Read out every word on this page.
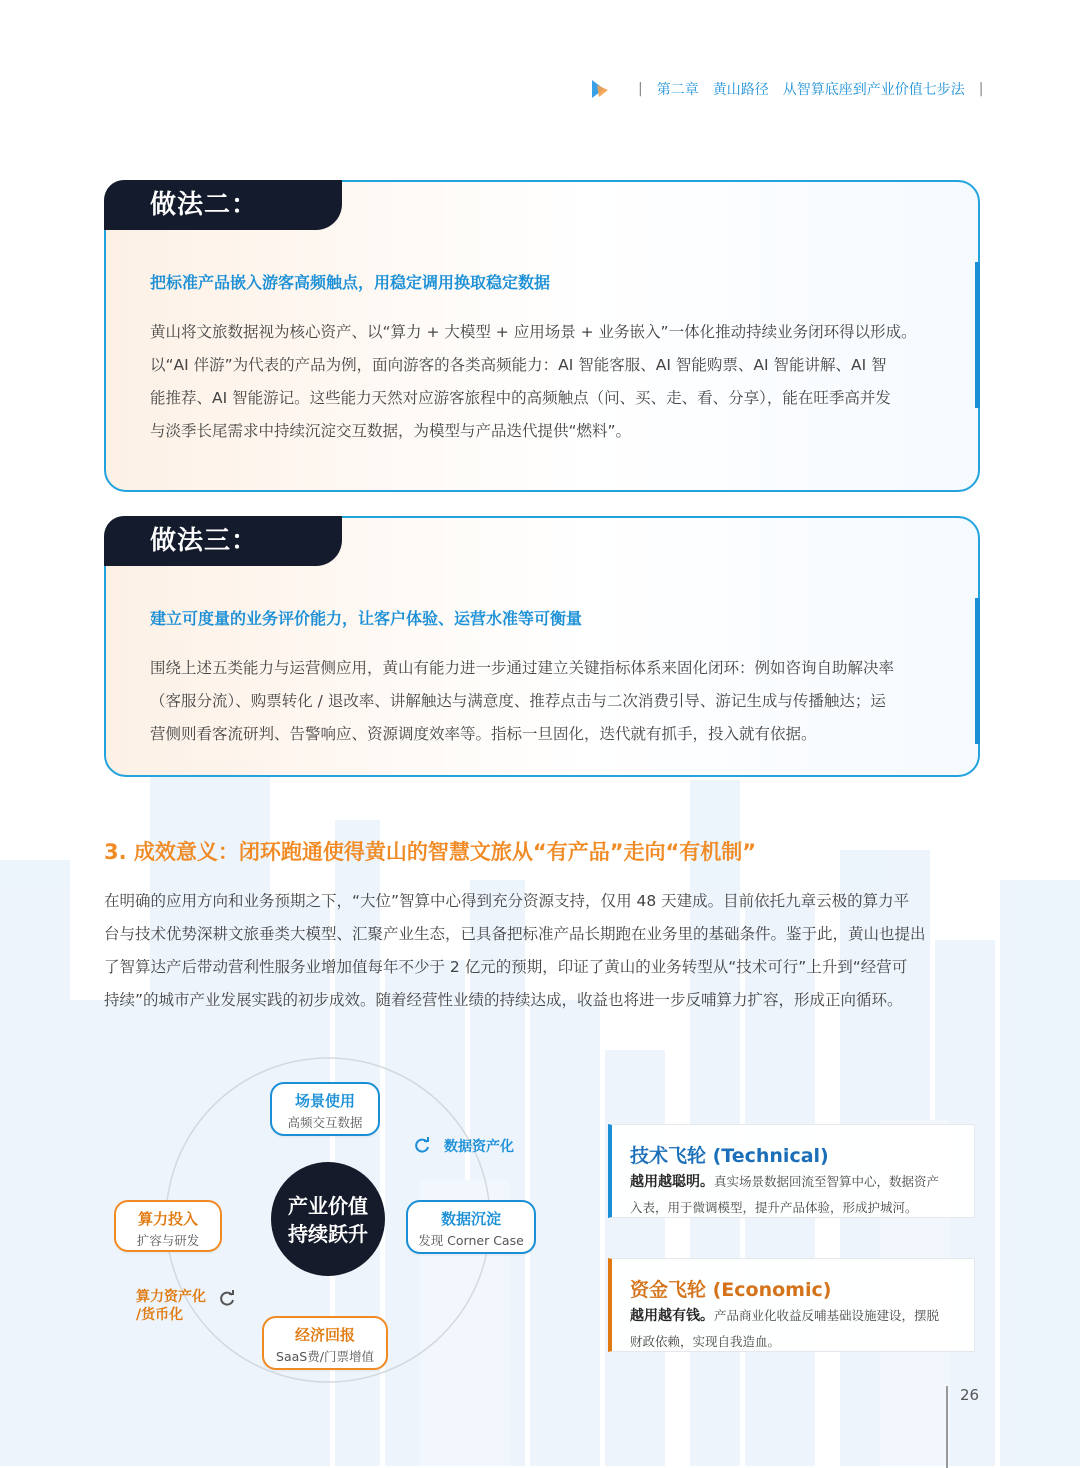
| 第二章 黄山路径 从智算底座到产业价值七步法 |
做法二：
把标准产品嵌入游客高频触点，用稳定调用换取稳定数据
黄山将文旅数据视为核心资产、以“算力 + 大模型 + 应用场景 + 业务嵌入”一体化推动持续业务闭环得以形成。
以“AI 伴游”为代表的产品为例，面向游客的各类高频能力：AI 智能客服、AI 智能购票、AI 智能讲解、AI 智
能推荐、AI 智能游记。这些能力天然对应游客旅程中的高频触点（问、买、走、看、分享），能在旺季高并发
与淡季长尾需求中持续沉淀交互数据，为模型与产品迭代提供“燃料”。
做法三：
建立可度量的业务评价能力，让客户体验、运营水准等可衡量
围绕上述五类能力与运营侧应用，黄山有能力进一步通过建立关键指标体系来固化闭环：例如咨询自助解决率
（客服分流）、购票转化 / 退改率、讲解触达与满意度、推荐点击与二次消费引导、游记生成与传播触达；运
营侧则看客流研判、告警响应、资源调度效率等。指标一旦固化，迭代就有抓手，投入就有依据。
3. 成效意义：闭环跑通使得黄山的智慧文旅从“有产品”走向“有机制”
在明确的应用方向和业务预期之下，“大位”智算中心得到充分资源支持，仅用 48 天建成。目前依托九章云极的算力平
台与技术优势深耕文旅垂类大模型、汇聚产业生态，已具备把标准产品长期跑在业务里的基础条件。鉴于此，黄山也提出
了智算达产后带动营利性服务业增加值每年不少于 2 亿元的预期，印证了黄山的业务转型从“技术可行”上升到“经营可
持续”的城市产业发展实践的初步成效。随着经营性业绩的持续达成，收益也将进一步反哺算力扩容，形成正向循环。
产业价值
持续跃升
场景使用
高频交互数据
数据沉淀
发现 Corner Case
经济回报
SaaS费/门票增值
算力投入
扩容与研发
数据资产化
算力资产化
/货币化
技术飞轮 (Technical)
越用越聪明。真实场景数据回流至智算中心，数据资产
入表，用于微调模型，提升产品体验，形成护城河。
资金飞轮 (Economic)
越用越有钱。产品商业化收益反哺基础设施建设，摆脱
财政依赖，实现自我造血。
26
